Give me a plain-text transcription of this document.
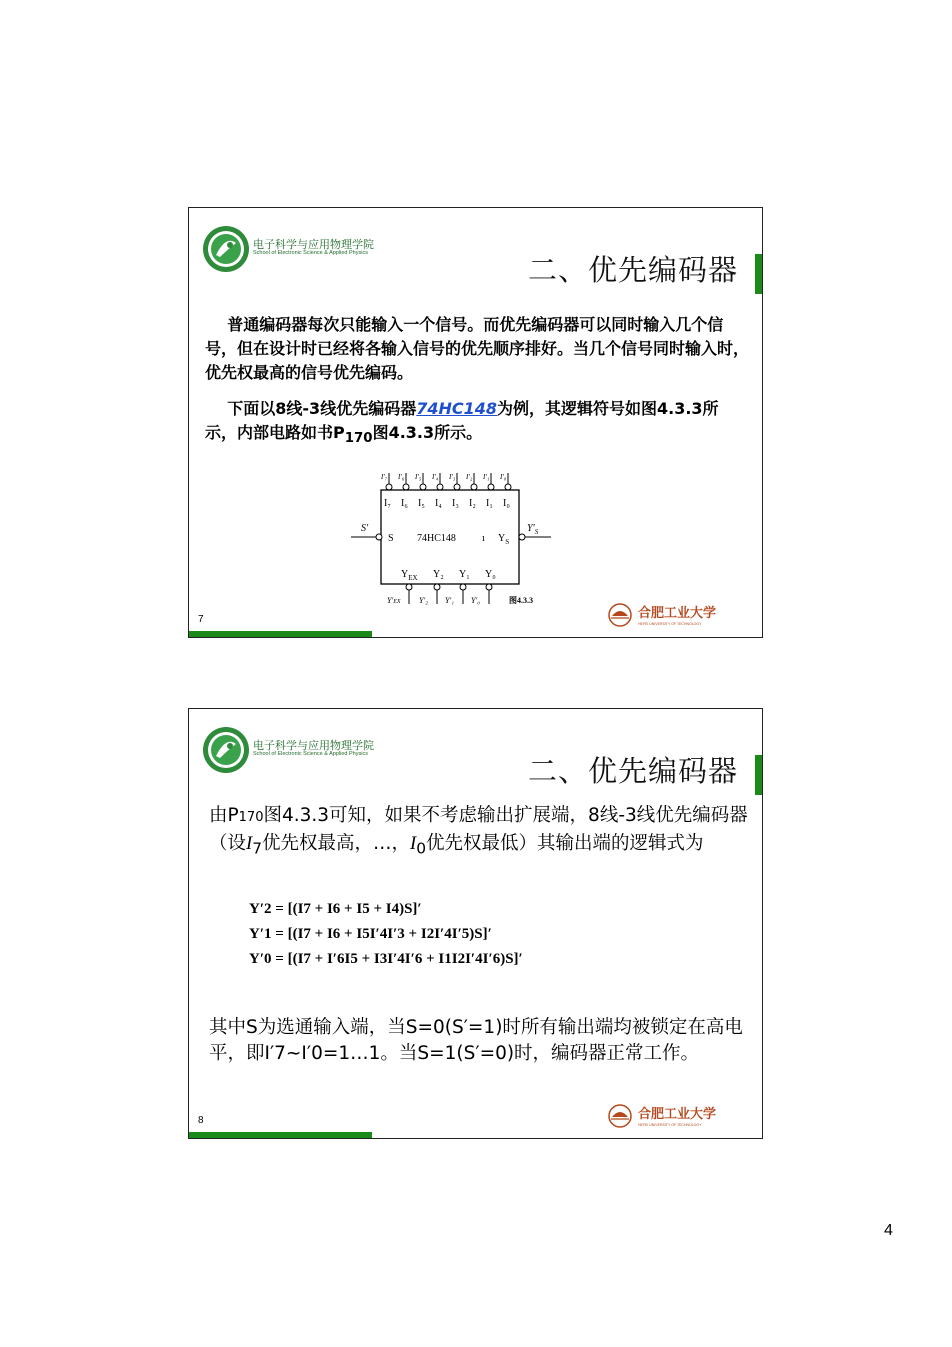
电子科学与应用物理学院
School of Electronic Science & Applied Physics	二、优先编码器
普通编码器每次只能输入一个信号。而优先编码器可以同时输入几个信号，但在设计时已经将各输入信号的优先顺序排好。当几个信号同时输入时，优先权最高的信号优先编码。
下面以8线-3线优先编码器74HC148为例，其逻辑符号如图4.3.3所示，内部电路如书$P_{170}$图4.3.3所示。
I′₇ I′₆ I′₅ I′₄ I′₃ I′₂ I′₁ I′₀
I₇ I₆ I₅ I₄ I₃ I₂ I₁ I₀
S′
S 74HC148	ı $Y_S$
$Y'_S$
$Y_{EX}$ Y₂ Y₁ Y₀
Y′EX Y′₂ Y′₁ Y′₀	图4.3.3
7	合肥工业大学
HEFEI UNIVERSITY OF TECHNOLOGY
电子科学与应用物理学院
School of Electronic Science & Applied Physics	二、优先编码器
由P170图4.3.3可知，如果不考虑输出扩展端，8线-3线优先编码器（设$I_7$优先权最高，…，$I_0$优先权最低）其输出端的逻辑式为
Y′2 = [(I7 + I6 + I5 + I4)S]′
Y′1 = [(I7 + I6 + I5I′4I′3 + I2I′4I′5)S]′
Y′0 = [(I7 + I′6I5 + I3I′4I′6 + I1I2I′4I′6)S]′
其中S为选通输入端，当S=0(S′=1)时所有输出端均被锁定在高电平，即I′7~I′0=1…1。当S=1(S′=0)时，编码器正常工作。
8	合肥工业大学
HEFEI UNIVERSITY OF TECHNOLOGY
4
